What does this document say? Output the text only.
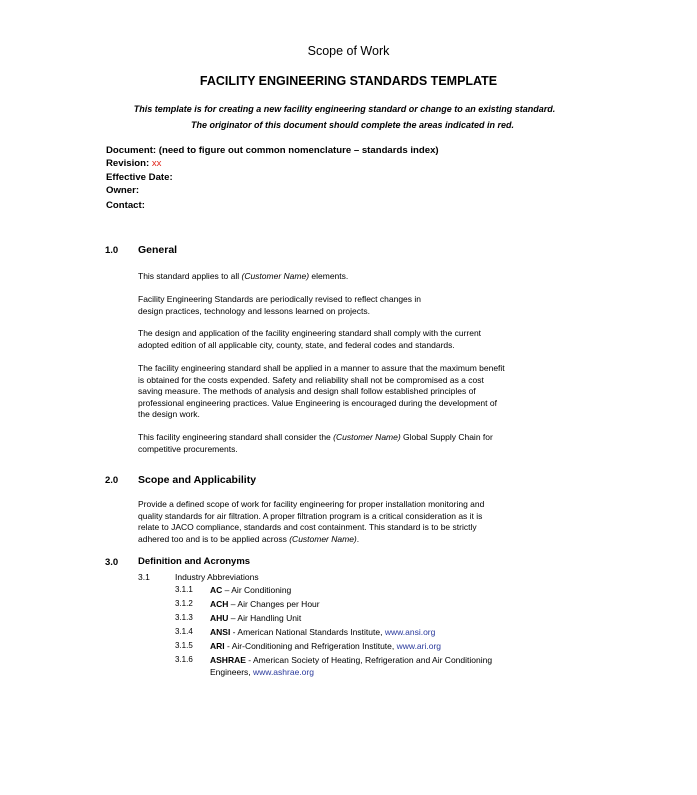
Scope of Work
FACILITY ENGINEERING STANDARDS TEMPLATE
This template is for creating a new facility engineering standard or change to an existing standard.
The originator of this document should complete the areas indicated in red.
Document: (need to figure out common nomenclature – standards index)
Revision: xx
Effective Date:
Owner:
Contact:
1.0 General
This standard applies to all (Customer Name) elements.
Facility Engineering Standards are periodically revised to reflect changes in
design practices, technology and lessons learned on projects.
The design and application of the facility engineering standard shall comply with the current
adopted edition of all applicable city, county, state, and federal codes and standards.
The facility engineering standard shall be applied in a manner to assure that the maximum benefit
is obtained for the costs expended. Safety and reliability shall not be compromised as a cost
saving measure. The methods of analysis and design shall follow established principles of
professional engineering practices. Value Engineering is encouraged during the development of
the design work.
This facility engineering standard shall consider the (Customer Name) Global Supply Chain for
competitive procurements.
2.0 Scope and Applicability
Provide a defined scope of work for facility engineering for proper installation monitoring and
quality standards for air filtration. A proper filtration program is a critical consideration as it is
relate to JACO compliance, standards and cost containment. This standard is to be strictly
adhered too and is to be applied across (Customer Name).
3.0 Definition and Acronyms
3.1	Industry Abbreviations
3.1.1 AC – Air Conditioning
3.1.2 ACH – Air Changes per Hour
3.1.3 AHU – Air Handling Unit
3.1.4 ANSI - American National Standards Institute, www.ansi.org
3.1.5 ARI - Air-Conditioning and Refrigeration Institute, www.ari.org
3.1.6 ASHRAE - American Society of Heating, Refrigeration and Air Conditioning
Engineers, www.ashrae.org
